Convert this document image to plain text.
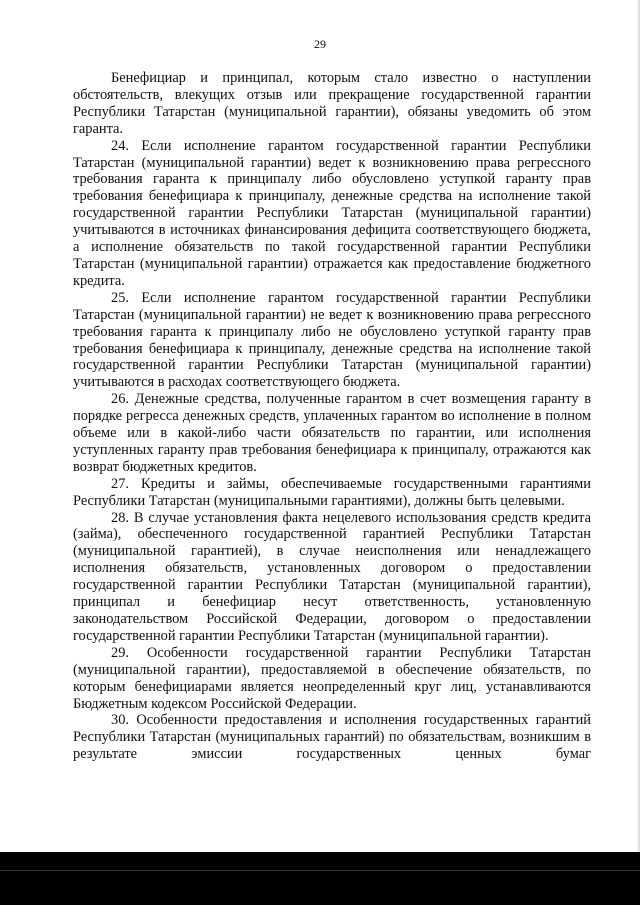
29

Бенефициар и принципал, которым стало известно о наступлении обстоятельств, влекущих отзыв или прекращение государственной гарантии Республики Татарстан (муниципальной гарантии), обязаны уведомить об этом гаранта.

24. Если исполнение гарантом государственной гарантии Республики Татарстан (муниципальной гарантии) ведет к возникновению права регрессного требования гаранта к принципалу либо обусловлено уступкой гаранту прав требования бенефициара к принципалу, денежные средства на исполнение такой государственной гарантии Республики Татарстан (муниципальной гарантии) учитываются в источниках финансирования дефицита соответствующего бюджета, а исполнение обязательств по такой государственной гарантии Республики Татарстан (муниципальной гарантии) отражается как предоставление бюджетного кредита.

25. Если исполнение гарантом государственной гарантии Республики Татарстан (муниципальной гарантии) не ведет к возникновению права регрессного требования гаранта к принципалу либо не обусловлено уступкой гаранту прав требования бенефициара к принципалу, денежные средства на исполнение такой государственной гарантии Республики Татарстан (муниципальной гарантии) учитываются в расходах соответствующего бюджета.

26. Денежные средства, полученные гарантом в счет возмещения гаранту в порядке регресса денежных средств, уплаченных гарантом во исполнение в полном объеме или в какой-либо части обязательств по гарантии, или исполнения уступленных гаранту прав требования бенефициара к принципалу, отражаются как возврат бюджетных кредитов.

27. Кредиты и займы, обеспечиваемые государственными гарантиями Республики Татарстан (муниципальными гарантиями), должны быть целевыми.

28. В случае установления факта нецелевого использования средств кредита (займа), обеспеченного государственной гарантией Республики Татарстан (муниципальной гарантией), в случае неисполнения или ненадлежащего исполнения обязательств, установленных договором о предоставлении государственной гарантии Республики Татарстан (муниципальной гарантии), принципал и бенефициар несут ответственность, установленную законодательством Российской Федерации, договором о предоставлении государственной гарантии Республики Татарстан (муниципальной гарантии).

29. Особенности государственной гарантии Республики Татарстан (муниципальной гарантии), предоставляемой в обеспечение обязательств, по которым бенефициарами является неопределенный круг лиц, устанавливаются Бюджетным кодексом Российской Федерации.

30. Особенности предоставления и исполнения государственных гарантий Республики Татарстан (муниципальных гарантий) по обязательствам, возникшим в результате эмиссии государственных ценных бумаг
